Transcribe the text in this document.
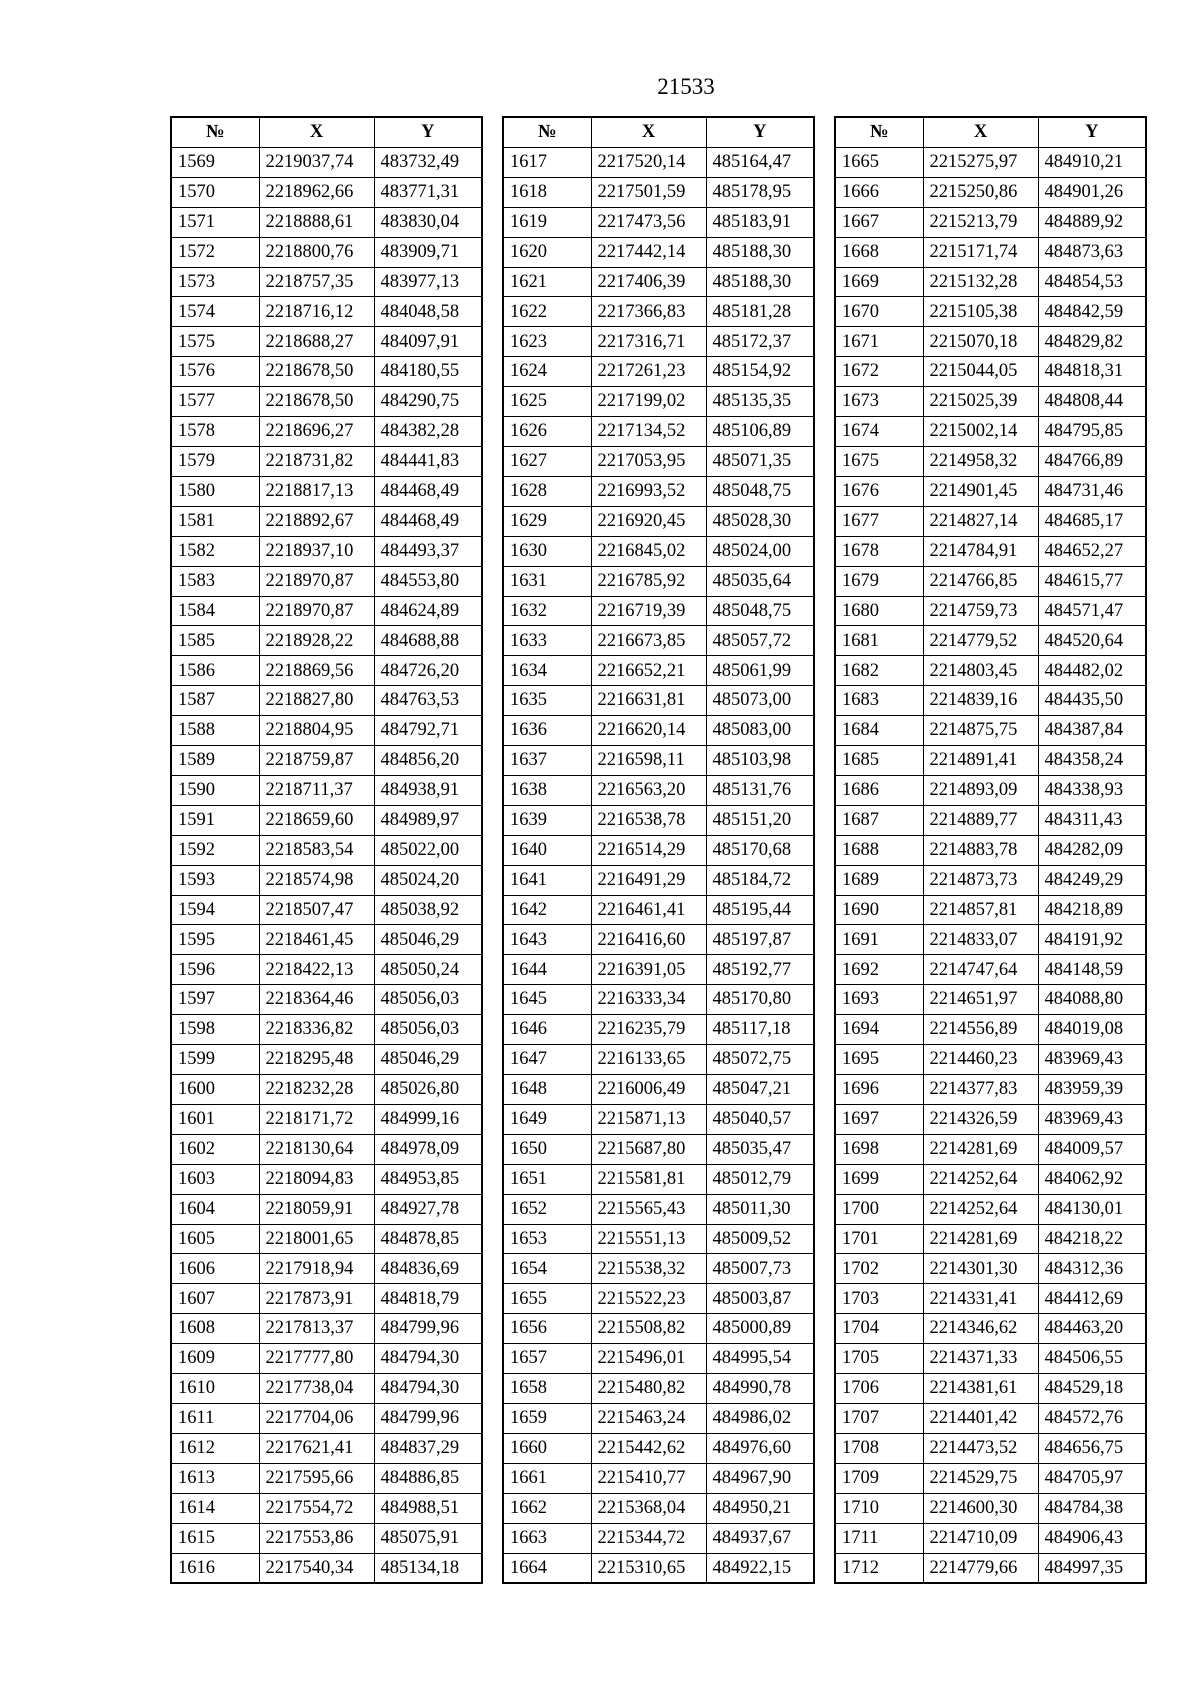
21533
№	X	Y
1569	2219037,74	483732,49
1570	2218962,66	483771,31
1571	2218888,61	483830,04
1572	2218800,76	483909,71
1573	2218757,35	483977,13
1574	2218716,12	484048,58
1575	2218688,27	484097,91
1576	2218678,50	484180,55
1577	2218678,50	484290,75
1578	2218696,27	484382,28
1579	2218731,82	484441,83
1580	2218817,13	484468,49
1581	2218892,67	484468,49
1582	2218937,10	484493,37
1583	2218970,87	484553,80
1584	2218970,87	484624,89
1585	2218928,22	484688,88
1586	2218869,56	484726,20
1587	2218827,80	484763,53
1588	2218804,95	484792,71
1589	2218759,87	484856,20
1590	2218711,37	484938,91
1591	2218659,60	484989,97
1592	2218583,54	485022,00
1593	2218574,98	485024,20
1594	2218507,47	485038,92
1595	2218461,45	485046,29
1596	2218422,13	485050,24
1597	2218364,46	485056,03
1598	2218336,82	485056,03
1599	2218295,48	485046,29
1600	2218232,28	485026,80
1601	2218171,72	484999,16
1602	2218130,64	484978,09
1603	2218094,83	484953,85
1604	2218059,91	484927,78
1605	2218001,65	484878,85
1606	2217918,94	484836,69
1607	2217873,91	484818,79
1608	2217813,37	484799,96
1609	2217777,80	484794,30
1610	2217738,04	484794,30
1611	2217704,06	484799,96
1612	2217621,41	484837,29
1613	2217595,66	484886,85
1614	2217554,72	484988,51
1615	2217553,86	485075,91
1616	2217540,34	485134,18
№	X	Y
1617	2217520,14	485164,47
1618	2217501,59	485178,95
1619	2217473,56	485183,91
1620	2217442,14	485188,30
1621	2217406,39	485188,30
1622	2217366,83	485181,28
1623	2217316,71	485172,37
1624	2217261,23	485154,92
1625	2217199,02	485135,35
1626	2217134,52	485106,89
1627	2217053,95	485071,35
1628	2216993,52	485048,75
1629	2216920,45	485028,30
1630	2216845,02	485024,00
1631	2216785,92	485035,64
1632	2216719,39	485048,75
1633	2216673,85	485057,72
1634	2216652,21	485061,99
1635	2216631,81	485073,00
1636	2216620,14	485083,00
1637	2216598,11	485103,98
1638	2216563,20	485131,76
1639	2216538,78	485151,20
1640	2216514,29	485170,68
1641	2216491,29	485184,72
1642	2216461,41	485195,44
1643	2216416,60	485197,87
1644	2216391,05	485192,77
1645	2216333,34	485170,80
1646	2216235,79	485117,18
1647	2216133,65	485072,75
1648	2216006,49	485047,21
1649	2215871,13	485040,57
1650	2215687,80	485035,47
1651	2215581,81	485012,79
1652	2215565,43	485011,30
1653	2215551,13	485009,52
1654	2215538,32	485007,73
1655	2215522,23	485003,87
1656	2215508,82	485000,89
1657	2215496,01	484995,54
1658	2215480,82	484990,78
1659	2215463,24	484986,02
1660	2215442,62	484976,60
1661	2215410,77	484967,90
1662	2215368,04	484950,21
1663	2215344,72	484937,67
1664	2215310,65	484922,15
№	X	Y
1665	2215275,97	484910,21
1666	2215250,86	484901,26
1667	2215213,79	484889,92
1668	2215171,74	484873,63
1669	2215132,28	484854,53
1670	2215105,38	484842,59
1671	2215070,18	484829,82
1672	2215044,05	484818,31
1673	2215025,39	484808,44
1674	2215002,14	484795,85
1675	2214958,32	484766,89
1676	2214901,45	484731,46
1677	2214827,14	484685,17
1678	2214784,91	484652,27
1679	2214766,85	484615,77
1680	2214759,73	484571,47
1681	2214779,52	484520,64
1682	2214803,45	484482,02
1683	2214839,16	484435,50
1684	2214875,75	484387,84
1685	2214891,41	484358,24
1686	2214893,09	484338,93
1687	2214889,77	484311,43
1688	2214883,78	484282,09
1689	2214873,73	484249,29
1690	2214857,81	484218,89
1691	2214833,07	484191,92
1692	2214747,64	484148,59
1693	2214651,97	484088,80
1694	2214556,89	484019,08
1695	2214460,23	483969,43
1696	2214377,83	483959,39
1697	2214326,59	483969,43
1698	2214281,69	484009,57
1699	2214252,64	484062,92
1700	2214252,64	484130,01
1701	2214281,69	484218,22
1702	2214301,30	484312,36
1703	2214331,41	484412,69
1704	2214346,62	484463,20
1705	2214371,33	484506,55
1706	2214381,61	484529,18
1707	2214401,42	484572,76
1708	2214473,52	484656,75
1709	2214529,75	484705,97
1710	2214600,30	484784,38
1711	2214710,09	484906,43
1712	2214779,66	484997,35
